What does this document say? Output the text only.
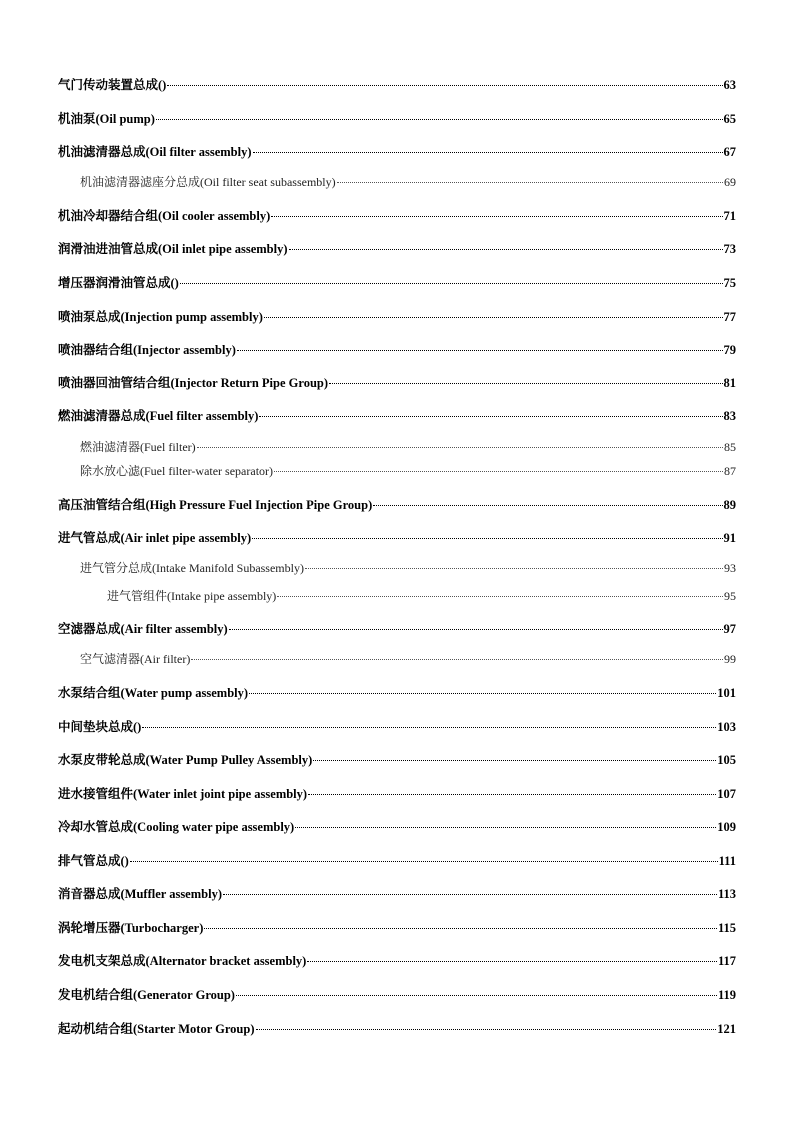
气门传动装置总成()	63
机油泵(Oil pump)	65
机油滤清器总成(Oil filter assembly)	67
机油滤清器滤座分总成(Oil filter seat subassembly)	69
机油冷却器结合组(Oil cooler assembly)	71
润滑油进油管总成(Oil inlet pipe assembly)	73
增压器润滑油管总成()	75
喷油泵总成(Injection pump assembly)	77
喷油器结合组(Injector assembly)	79
喷油器回油管结合组(Injector Return Pipe Group)	81
燃油滤清器总成(Fuel filter assembly)	83
燃油滤清器(Fuel filter)	85
除水放心滤(Fuel filter-water separator)	87
高压油管结合组(High Pressure Fuel Injection Pipe Group)	89
进气管总成(Air inlet pipe assembly)	91
进气管分总成(Intake Manifold Subassembly)	93
进气管组件(Intake pipe assembly)	95
空滤器总成(Air filter assembly)	97
空气滤清器(Air filter)	99
水泵结合组(Water pump assembly)	101
中间垫块总成()	103
水泵皮带轮总成(Water Pump Pulley Assembly)	105
进水接管组件(Water inlet joint pipe assembly)	107
冷却水管总成(Cooling water pipe assembly)	109
排气管总成()	111
消音器总成(Muffler assembly)	113
涡轮增压器(Turbocharger)	115
发电机支架总成(Alternator bracket assembly)	117
发电机结合组(Generator Group)	119
起动机结合组(Starter Motor Group)	121
